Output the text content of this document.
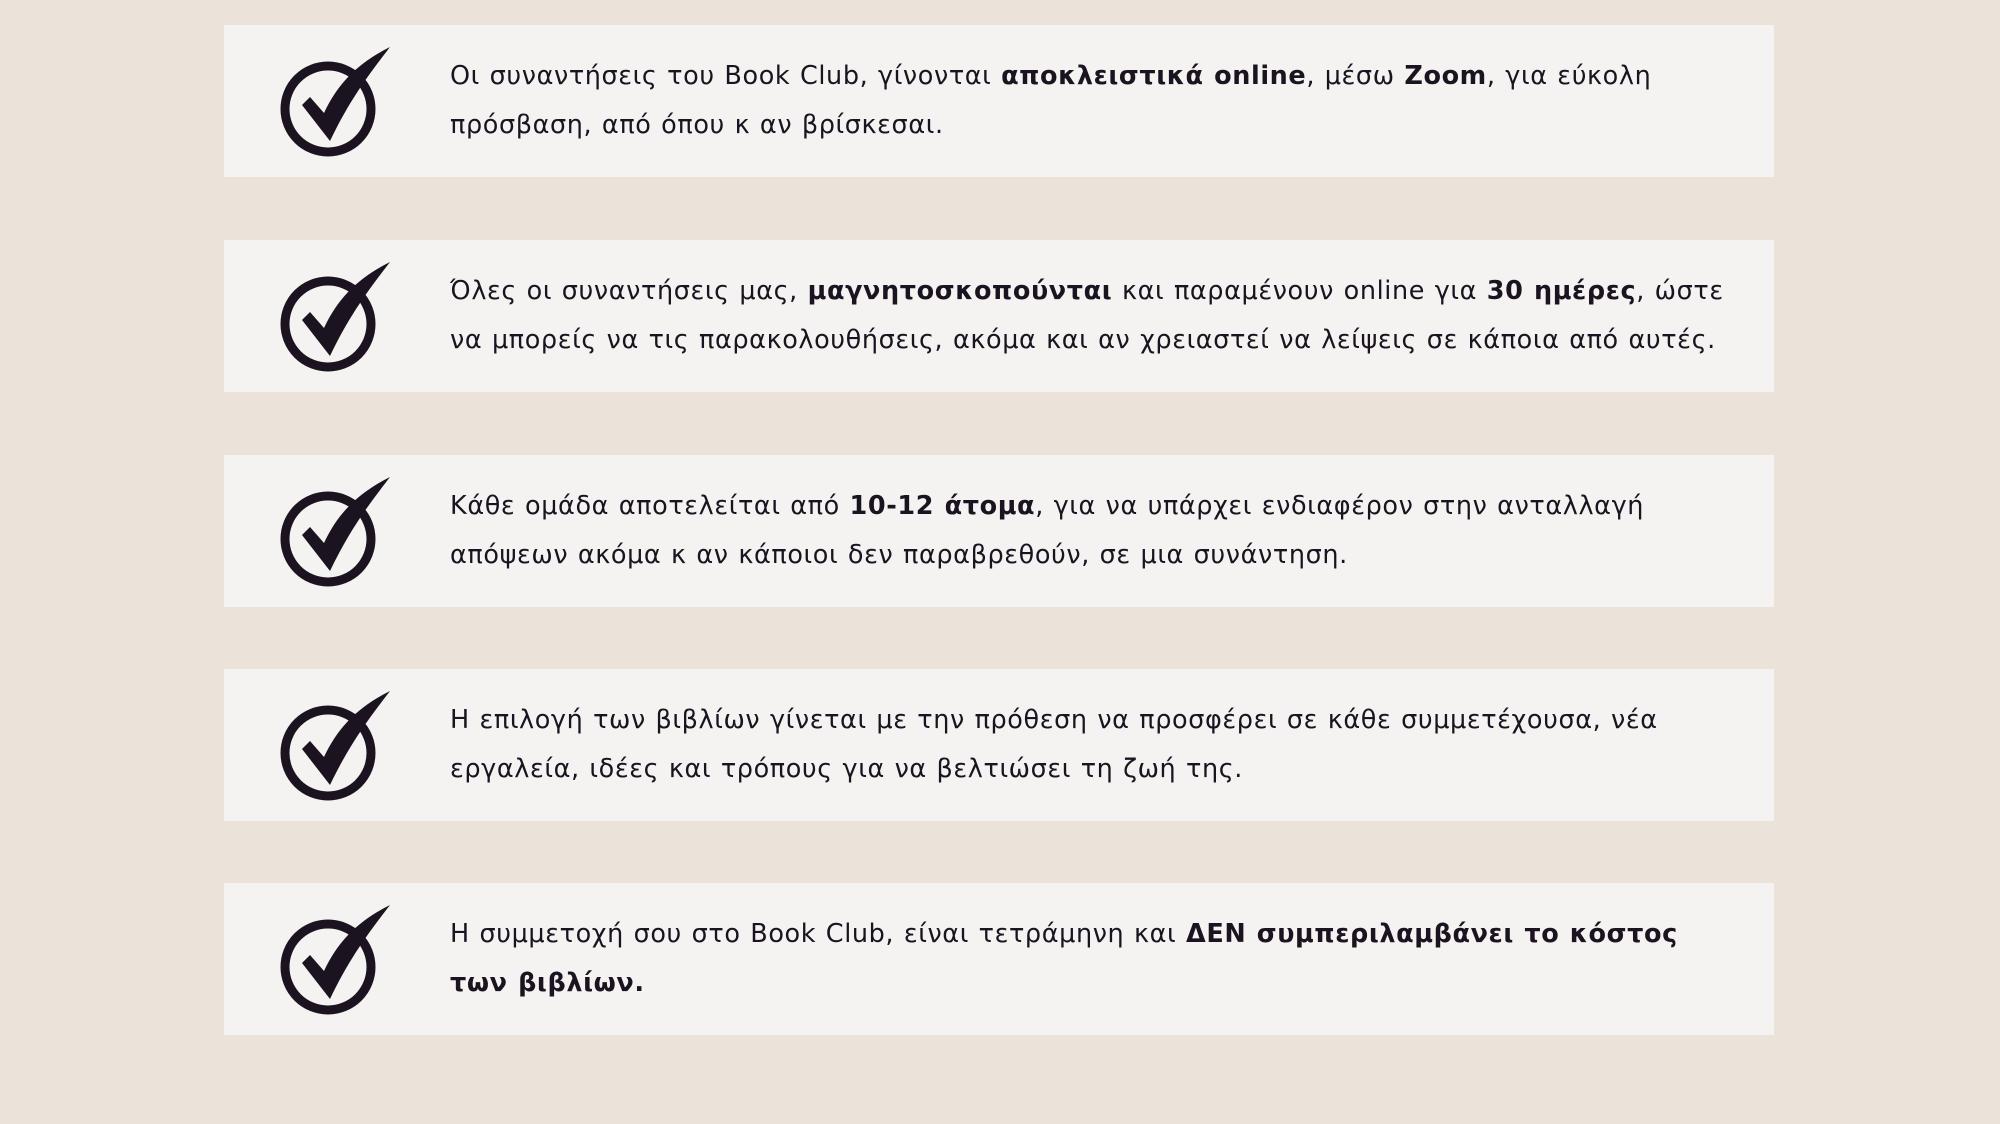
Οι συναντήσεις του Book Club, γίνονται αποκλειστικά online, μέσω Zoom, για εύκολη πρόσβαση, από όπου κ αν βρίσκεσαι.
Όλες οι συναντήσεις μας, μαγνητοσκοπούνται και παραμένουν online για 30 ημέρες, ώστε να μπορείς να τις παρακολουθήσεις, ακόμα και αν χρειαστεί να λείψεις σε κάποια από αυτές.
Κάθε ομάδα αποτελείται από 10-12 άτομα, για να υπάρχει ενδιαφέρον στην ανταλλαγή απόψεων ακόμα κ αν κάποιοι δεν παραβρεθούν, σε μια συνάντηση.
Η επιλογή των βιβλίων γίνεται με την πρόθεση να προσφέρει σε κάθε συμμετέχουσα, νέα εργαλεία, ιδέες και τρόπους για να βελτιώσει τη ζωή της.
Η συμμετοχή σου στο Book Club, είναι τετράμηνη και ΔΕΝ συμπεριλαμβάνει το κόστος των βιβλίων.
